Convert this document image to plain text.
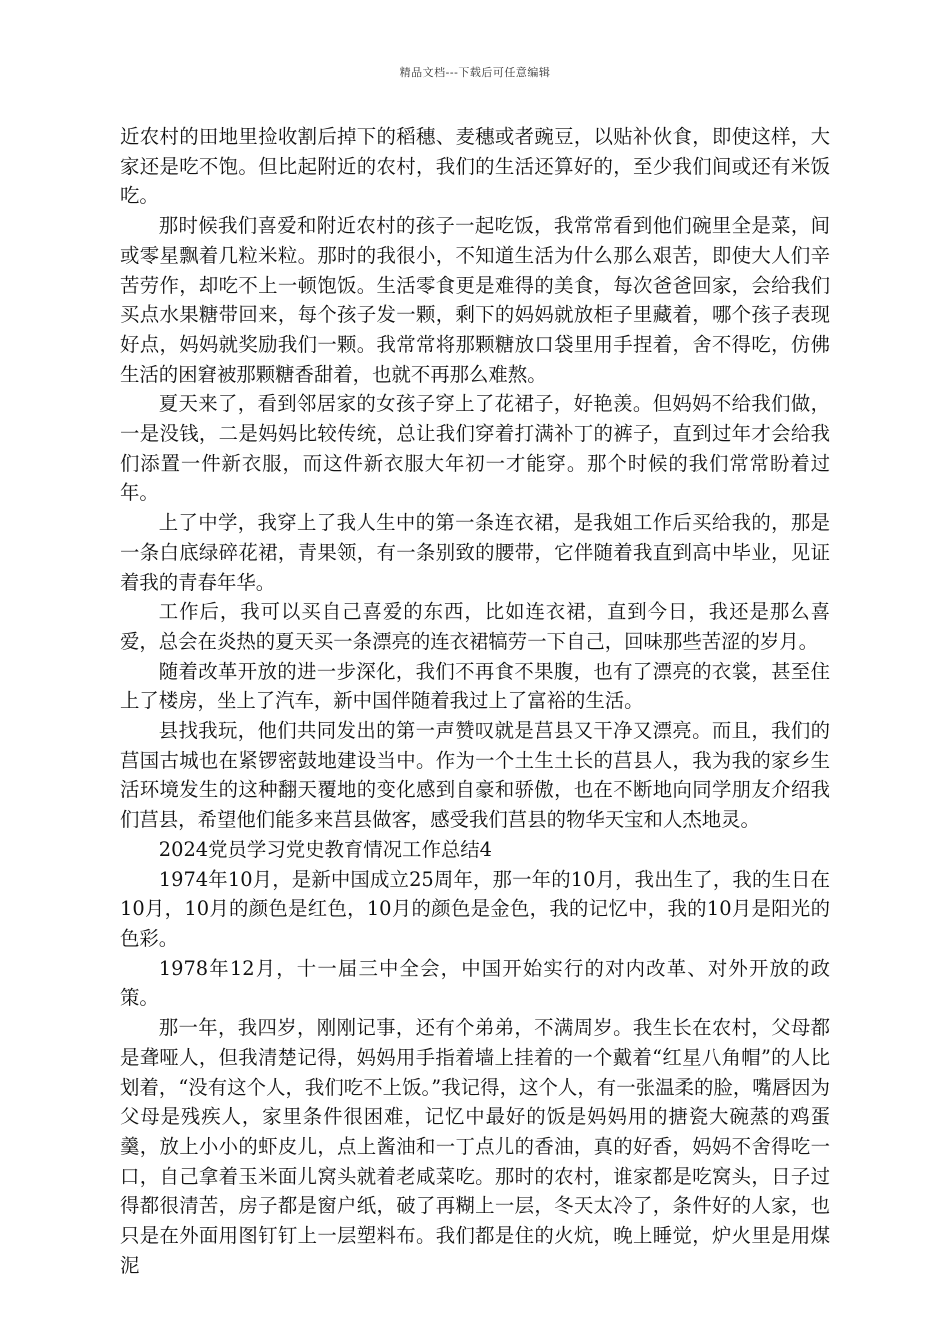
精品文档---下载后可任意编辑

近农村的田地里捡收割后掉下的稻穗、麦穗或者豌豆，以贴补伙食，即使这样，大家还是吃不饱。但比起附近的农村，我们的生活还算好的，至少我们间或还有米饭吃。

那时候我们喜爱和附近农村的孩子一起吃饭，我常常看到他们碗里全是菜，间或零星飘着几粒米粒。那时的我很小，不知道生活为什么那么艰苦，即使大人们辛苦劳作，却吃不上一顿饱饭。生活零食更是难得的美食，每次爸爸回家，会给我们买点水果糖带回来，每个孩子发一颗，剩下的妈妈就放柜子里藏着，哪个孩子表现好点，妈妈就奖励我们一颗。我常常将那颗糖放口袋里用手捏着，舍不得吃，仿佛生活的困窘被那颗糖香甜着，也就不再那么难熬。

夏天来了，看到邻居家的女孩子穿上了花裙子，好艳羡。但妈妈不给我们做，一是没钱，二是妈妈比较传统，总让我们穿着打满补丁的裤子，直到过年才会给我们添置一件新衣服，而这件新衣服大年初一才能穿。那个时候的我们常常盼着过年。

上了中学，我穿上了我人生中的第一条连衣裙，是我姐工作后买给我的，那是一条白底绿碎花裙，青果领，有一条别致的腰带，它伴随着我直到高中毕业，见证着我的青春年华。

工作后，我可以买自己喜爱的东西，比如连衣裙，直到今日，我还是那么喜爱，总会在炎热的夏天买一条漂亮的连衣裙犒劳一下自己，回味那些苦涩的岁月。

随着改革开放的进一步深化，我们不再食不果腹，也有了漂亮的衣裳，甚至住上了楼房，坐上了汽车，新中国伴随着我过上了富裕的生活。

县找我玩，他们共同发出的第一声赞叹就是莒县又干净又漂亮。而且，我们的莒国古城也在紧锣密鼓地建设当中。作为一个土生土长的莒县人，我为我的家乡生活环境发生的这种翻天覆地的变化感到自豪和骄傲，也在不断地向同学朋友介绍我们莒县，希望他们能多来莒县做客，感受我们莒县的物华天宝和人杰地灵。

2024党员学习党史教育情况工作总结4

1974年10月，是新中国成立25周年，那一年的10月，我出生了，我的生日在10月，10月的颜色是红色，10月的颜色是金色，我的记忆中，我的10月是阳光的色彩。

1978年12月，十一届三中全会，中国开始实行的对内改革、对外开放的政策。

那一年，我四岁，刚刚记事，还有个弟弟，不满周岁。我生长在农村，父母都是聋哑人，但我清楚记得，妈妈用手指着墙上挂着的一个戴着“红星八角帽”的人比划着，“没有这个人，我们吃不上饭。”我记得，这个人，有一张温柔的脸，嘴唇因为父母是残疾人，家里条件很困难，记忆中最好的饭是妈妈用的搪瓷大碗蒸的鸡蛋羹，放上小小的虾皮儿，点上酱油和一丁点儿的香油，真的好香，妈妈不舍得吃一口，自己拿着玉米面儿窝头就着老咸菜吃。那时的农村，谁家都是吃窝头，日子过得都很清苦，房子都是窗户纸，破了再糊上一层，冬天太冷了，条件好的人家，也只是在外面用图钉钉上一层塑料布。我们都是住的火炕，晚上睡觉，炉火里是用煤泥
